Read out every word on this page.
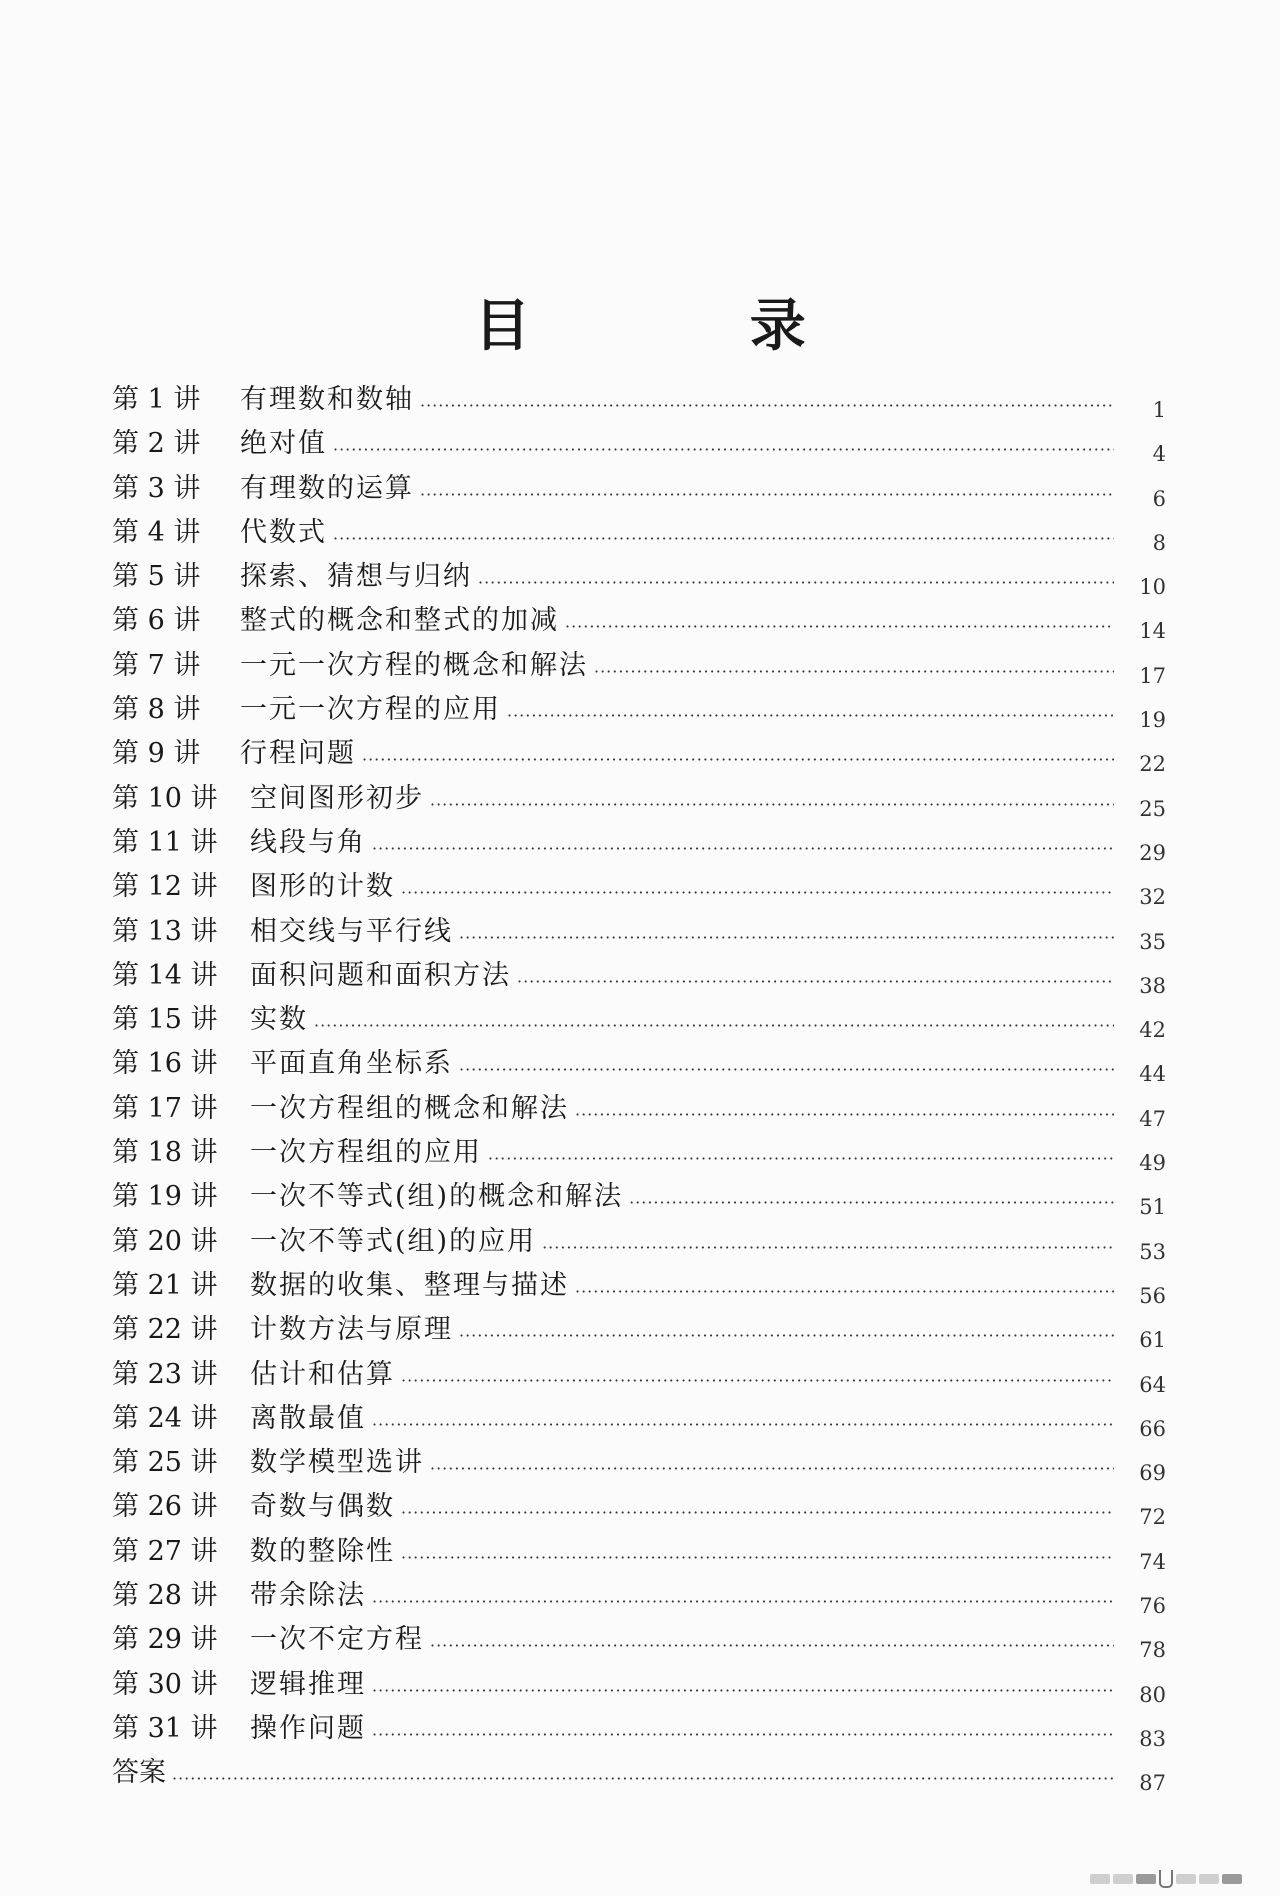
目 录
第 1 讲	有理数和数轴 ·····	1
第 2 讲	绝对值 ·····	4
第 3 讲	有理数的运算 ·····	6
第 4 讲	代数式 ·····	8
第 5 讲	探索、猜想与归纳 ·····	10
第 6 讲	整式的概念和整式的加减 ·····	14
第 7 讲	一元一次方程的概念和解法 ·····	17
第 8 讲	一元一次方程的应用 ·····	19
第 9 讲	行程问题 ·····	22
第 10 讲	空间图形初步 ·····	25
第 11 讲	线段与角 ·····	29
第 12 讲	图形的计数 ·····	32
第 13 讲	相交线与平行线 ·····	35
第 14 讲	面积问题和面积方法 ·····	38
第 15 讲	实数 ·····	42
第 16 讲	平面直角坐标系 ·····	44
第 17 讲	一次方程组的概念和解法 ·····	47
第 18 讲	一次方程组的应用 ·····	49
第 19 讲	一次不等式(组)的概念和解法 ·····	51
第 20 讲	一次不等式(组)的应用 ·····	53
第 21 讲	数据的收集、整理与描述 ·····	56
第 22 讲	计数方法与原理 ·····	61
第 23 讲	估计和估算 ·····	64
第 24 讲	离散最值 ·····	66
第 25 讲	数学模型选讲 ·····	69
第 26 讲	奇数与偶数 ·····	72
第 27 讲	数的整除性 ·····	74
第 28 讲	带余除法 ·····	76
第 29 讲	一次不定方程 ·····	78
第 30 讲	逻辑推理 ·····	80
第 31 讲	操作问题 ·····	83
答案 ·····	87
